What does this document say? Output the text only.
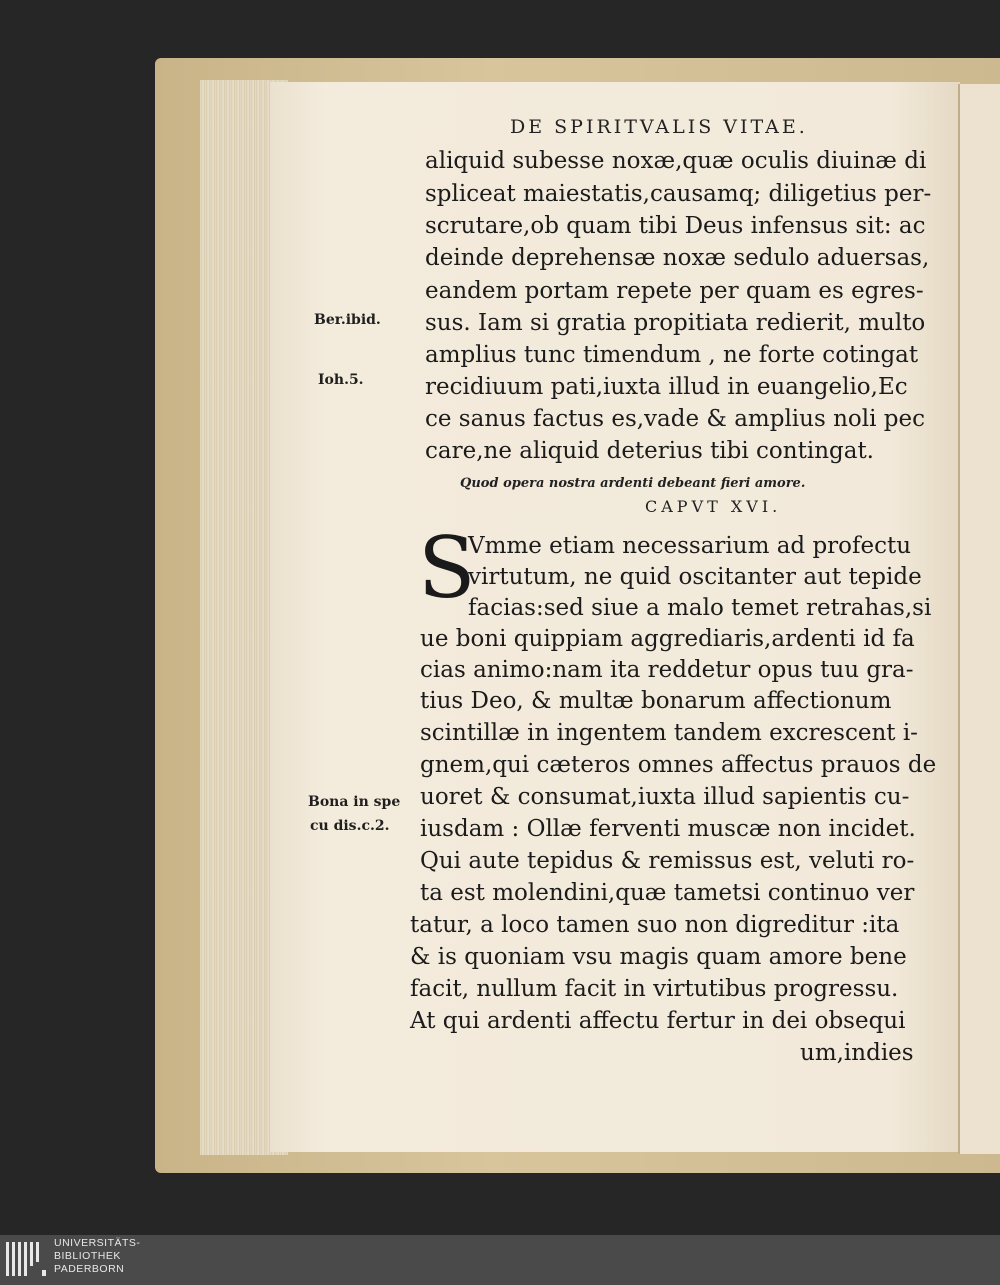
DE SPIRITVALIS VITAE.
aliquid subesse noxæ,quæ oculis diuinæ di
spliceat maiestatis,causamq; diligetius per-
scrutare,ob quam tibi Deus infensus sit: ac
deinde deprehensæ noxæ sedulo aduersas,
eandem portam repete per quam es egres-
sus. Iam si gratia propitiata redierit, multo
amplius tunc timendum , ne forte cotingat
recidiuum pati,iuxta illud in euangelio,Ec
ce sanus factus es,vade & amplius noli pec
care,ne aliquid deterius tibi contingat.
Quod opera nostra ardenti debeant fieri amore.
CAPVT XVI.
S
Vmme etiam necessarium ad profectu
virtutum, ne quid oscitanter aut tepide
facias:sed siue a malo temet retrahas,si
ue boni quippiam aggrediaris,ardenti id fa
cias animo:nam ita reddetur opus tuu gra-
tius Deo, & multæ bonarum affectionum
scintillæ in ingentem tandem excrescent i-
gnem,qui cæteros omnes affectus prauos de
uoret & consumat,iuxta illud sapientis cu-
iusdam : Ollæ ferventi muscæ non incidet.
Qui aute tepidus & remissus est, veluti ro-
ta est molendini,quæ tametsi continuo ver
tatur, a loco tamen suo non digreditur :ita
& is quoniam vsu magis quam amore bene
facit, nullum facit in virtutibus progressu.
At qui ardenti affectu fertur in dei obsequi
um,indies
Ber.ibid.
Ioh.5.
Bona in spe
cu dis.c.2.
UNIVERSITÄTS-
BIBLIOTHEK
PADERBORN
